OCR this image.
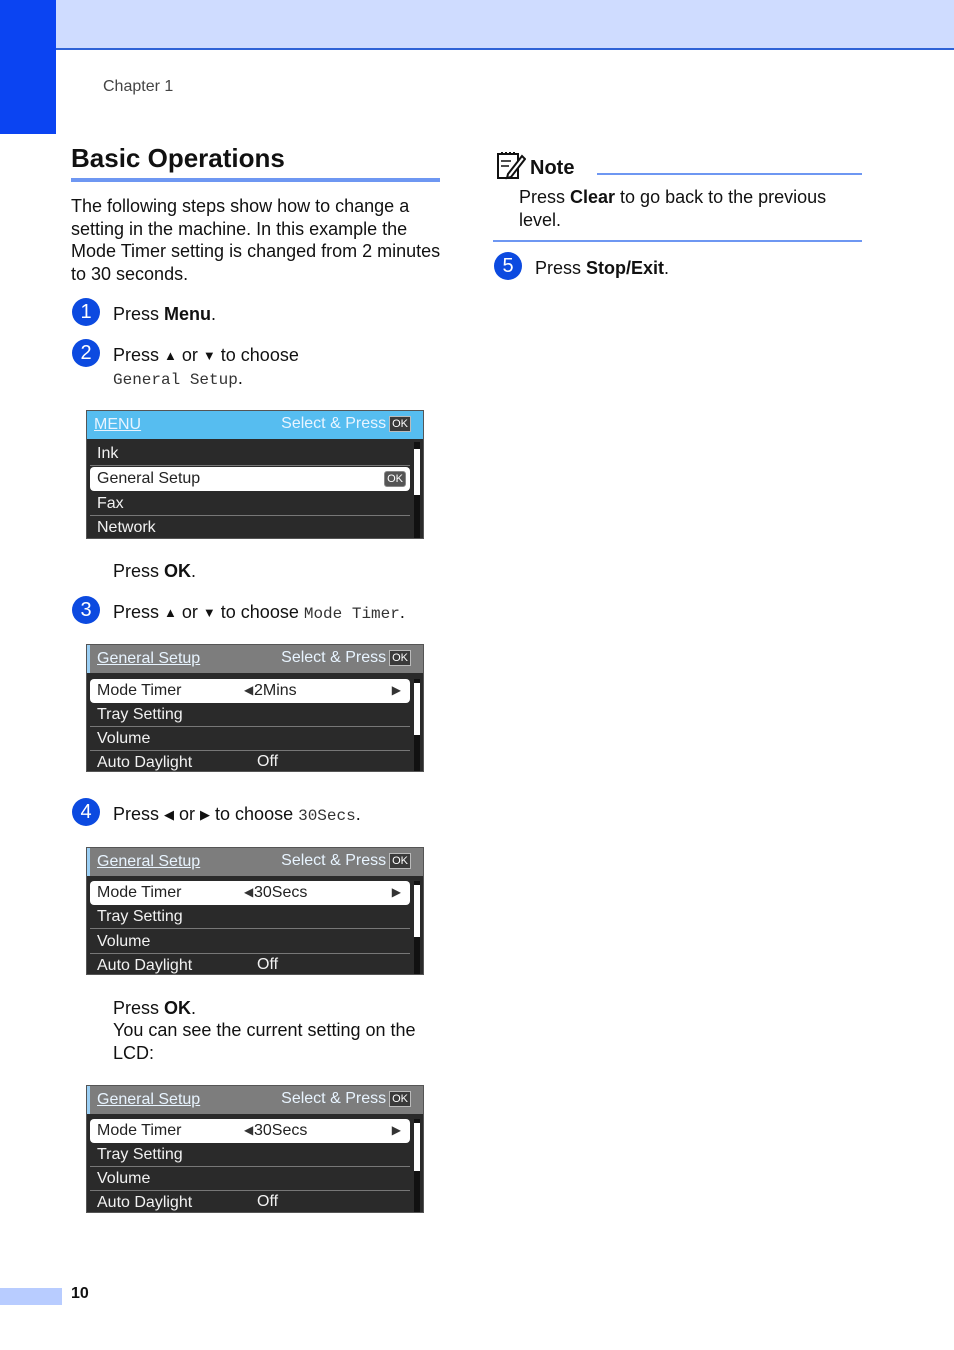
Chapter 1
Basic Operations

The following steps show how to change a setting in the machine. In this example the Mode Timer setting is changed from 2 minutes to 30 seconds.

1	Press Menu.
2	Press ▲ or ▼ to choose
General Setup.
MENU	Select & Press OK
Ink
General Setup	OK
Fax
Network
Press OK.
3	Press ▲ or ▼ to choose Mode Timer.
General Setup	Select & Press OK
Mode Timer	◀ 2Mins	▶
Tray Setting
Volume
Auto Daylight	Off
4	Press ◀ or ▶ to choose 30Secs.
General Setup	Select & Press OK
Mode Timer	◀ 30Secs	▶
Tray Setting
Volume
Auto Daylight	Off
Press OK.
You can see the current setting on the LCD:
General Setup	Select & Press OK
Mode Timer	◀ 30Secs	▶
Tray Setting
Volume
Auto Daylight	Off
Note

Press Clear to go back to the previous level.

5	Press Stop/Exit.
10
